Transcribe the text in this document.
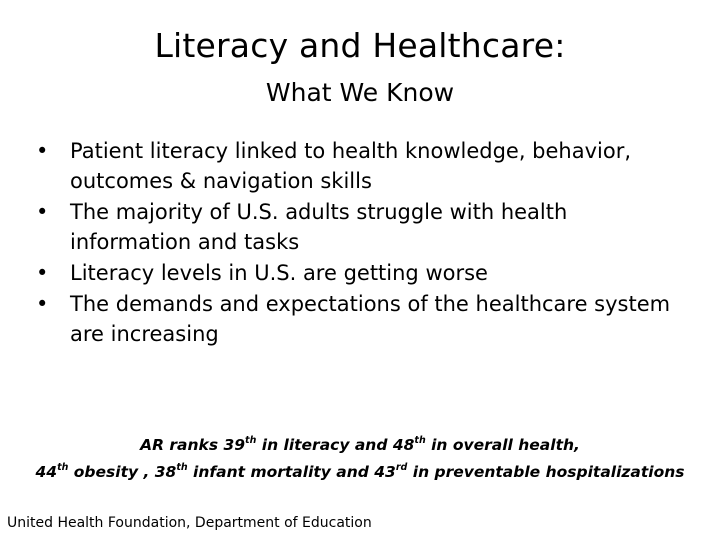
Literacy and Healthcare:
What We Know
• Patient literacy linked to health knowledge, behavior, outcomes & navigation skills
• The majority of U.S. adults struggle with health information and tasks
• Literacy levels in U.S. are getting worse
• The demands and expectations of the healthcare system are increasing
AR ranks 39th in literacy and 48th in overall health,
44th obesity , 38th infant mortality and 43rd in preventable hospitalizations
United Health Foundation, Department of Education
